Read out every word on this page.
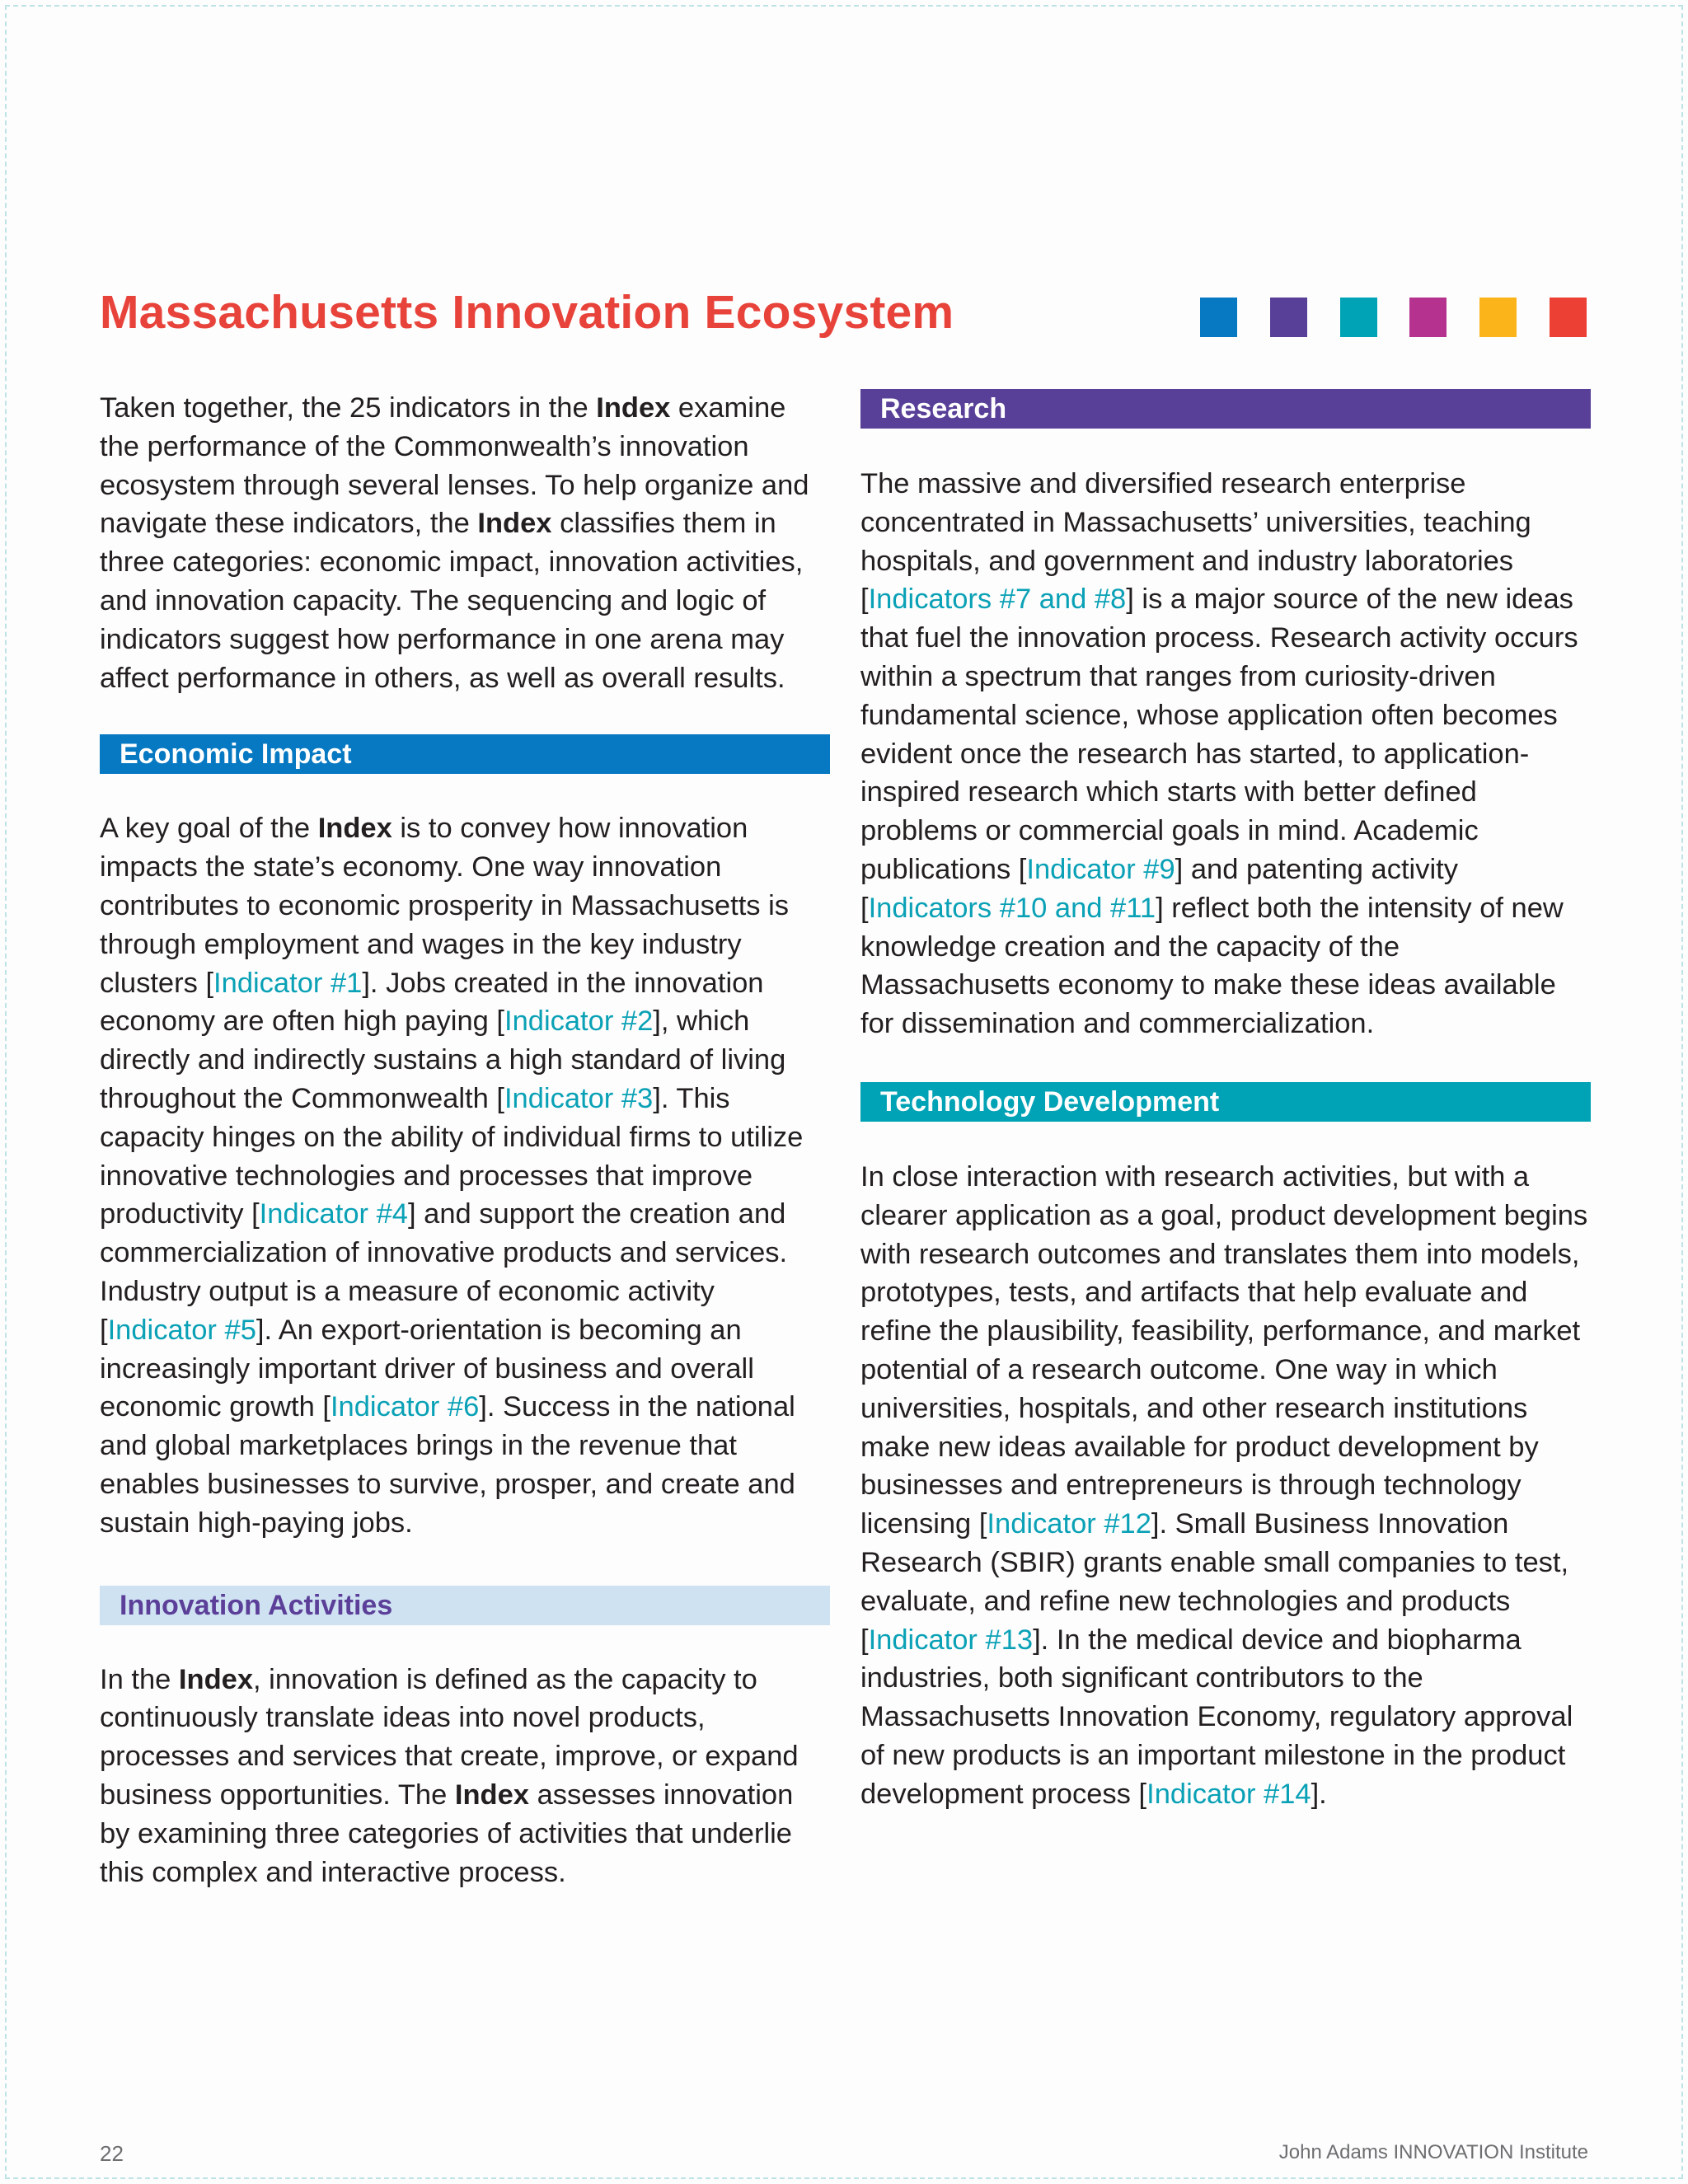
Massachusetts Innovation Ecosystem

Taken together, the 25 indicators in the Index examine the performance of the Commonwealth’s innovation ecosystem through several lenses. To help organize and navigate these indicators, the Index classifies them in three categories: economic impact, innovation activities, and innovation capacity. The sequencing and logic of indicators suggest how performance in one arena may affect performance in others, as well as overall results.

Economic Impact

A key goal of the Index is to convey how innovation impacts the state’s economy. One way innovation contributes to economic prosperity in Massachusetts is through employment and wages in the key industry clusters [Indicator #1]. Jobs created in the innovation economy are often high paying [Indicator #2], which directly and indirectly sustains a high standard of living throughout the Commonwealth [Indicator #3]. This capacity hinges on the ability of individual firms to utilize innovative technologies and processes that improve productivity [Indicator #4] and support the creation and commercialization of innovative products and services. Industry output is a measure of economic activity [Indicator #5]. An export-orientation is becoming an increasingly important driver of business and overall economic growth [Indicator #6]. Success in the national and global marketplaces brings in the revenue that enables businesses to survive, prosper, and create and sustain high-paying jobs.

Innovation Activities

In the Index, innovation is defined as the capacity to continuously translate ideas into novel products, processes and services that create, improve, or expand business opportunities. The Index assesses innovation by examining three categories of activities that underlie this complex and interactive process.

Research

The massive and diversified research enterprise concentrated in Massachusetts’ universities, teaching hospitals, and government and industry laboratories [Indicators #7 and #8] is a major source of the new ideas that fuel the innovation process. Research activity occurs within a spectrum that ranges from curiosity-driven fundamental science, whose application often becomes evident once the research has started, to application-inspired research which starts with better defined problems or commercial goals in mind. Academic publications [Indicator #9] and patenting activity [Indicators #10 and #11] reflect both the intensity of new knowledge creation and the capacity of the Massachusetts economy to make these ideas available for dissemination and commercialization.

Technology Development

In close interaction with research activities, but with a clearer application as a goal, product development begins with research outcomes and translates them into models, prototypes, tests, and artifacts that help evaluate and refine the plausibility, feasibility, performance, and market potential of a research outcome. One way in which universities, hospitals, and other research institutions make new ideas available for product development by businesses and entrepreneurs is through technology licensing [Indicator #12]. Small Business Innovation Research (SBIR) grants enable small companies to test, evaluate, and refine new technologies and products [Indicator #13]. In the medical device and biopharma industries, both significant contributors to the Massachusetts Innovation Economy, regulatory approval of new products is an important milestone in the product development process [Indicator #14].

22	John Adams INNOVATION Institute
